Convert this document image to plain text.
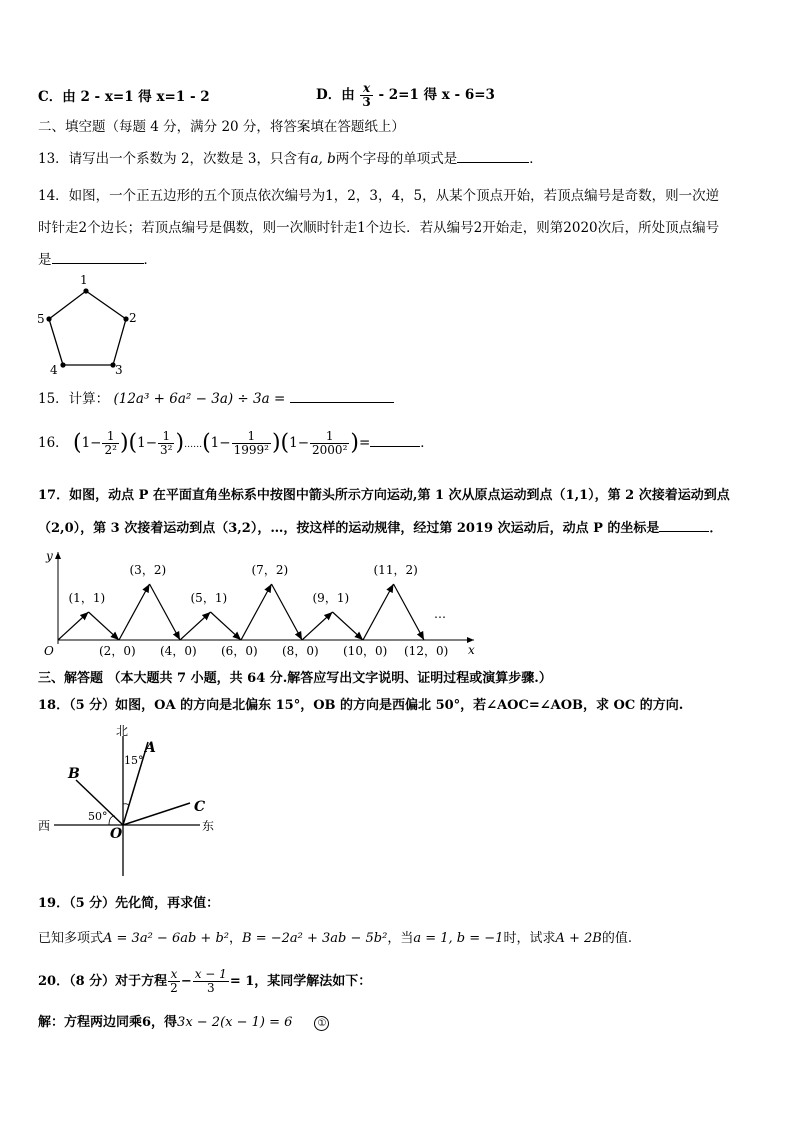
C．由 2 - x=1 得 x=1 - 2	D．由 $\frac{x}{3} - 2=1$ 得 x - 6=3
二、填空题（每题 4 分，满分 20 分，将答案填在答题纸上）
13．请写出一个系数为 2，次数是 3，只含有a, b两个字母的单项式是	．
14．如图，一个正五边形的五个顶点依次编号为1，2，3，4，5，从某个顶点开始，若顶点编号是奇数，则一次逆
时针走2个边长；若顶点编号是偶数，则一次顺时针走1个边长．若从编号2开始走，则第2020次后，所处顶点编号
是	．
1
2
3
4
5
15．计算： (12a³ + 6a² − 3a) ÷ 3a =
16． $(1- \frac{1}{\text{2²}} )(1- \frac{1}{\text{3²}}$ )……(1− $\frac{1}{\text{1999²}} )(1- \frac{1}{\text{2000²}}$ )=	．
17．如图，动点 P 在平面直角坐标系中按图中箭头所示方向运动,第 1 次从原点运动到点（1,1），第 2 次接着运动到点
（2,0），第 3 次接着运动到点（3,2），…，按这样的运动规律，经过第 2019 次运动后，动点 P 的坐标是	．
y
x
O
(1，1)
(3，2)
(5，1)
(7，2)
(9，1)
(11，2)
(2，0) (4，0) (6，0) (8，0) (10，0) (12，0)
…
三、解答题 （本大题共 7 小题，共 64 分.解答应写出文字说明、证明过程或演算步骤.）
18．（5 分）如图，OA 的方向是北偏东 15°，OB 的方向是西偏北 50°，若∠AOC=∠AOB，求 OC 的方向.
北
西	东
A
B
C
O
15°
50°
19．（5 分）先化简，再求值：
已知多项式A = 3a² − 6ab + b²，B = −2a² + 3ab − 5b²，当a = 1, b = −1时，试求A + 2B的值.
20．（8 分）对于方程 $\frac{x}{2} - \frac{x - 1}{3} = 1$，某同学解法如下：
解：方程两边同乘6，得3x − 2(x − 1) = 6	①
